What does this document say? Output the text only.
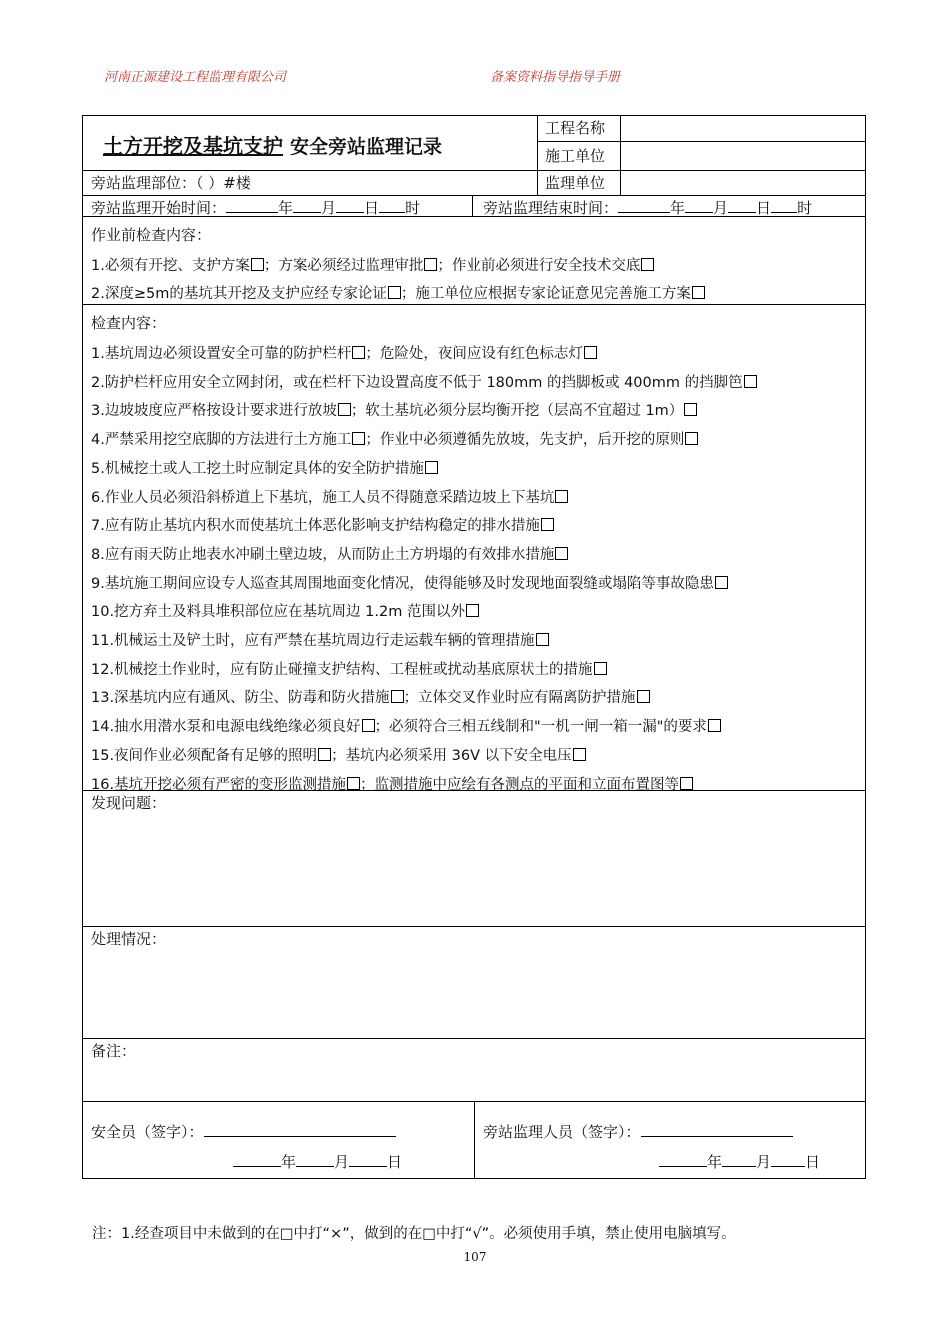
河南正源建设工程监理有限公司	备案资料指导指导手册
土方开挖及基坑支护 安全旁站监理记录
工程名称
施工单位
监理单位
旁站监理部位：（ ）#楼
旁站监理开始时间：	年 月 日 时	旁站监理结束时间：	年 月 日 时
作业前检查内容：
1.必须有开挖、支护方案 ；方案必须经过监理审批 ；作业前必须进行安全技术交底
2.深度≥5m的基坑其开挖及支护应经专家论证 ；施工单位应根据专家论证意见完善施工方案
检查内容：
1.基坑周边必须设置安全可靠的防护栏杆 ；危险处，夜间应设有红色标志灯
2.防护栏杆应用安全立网封闭，或在栏杆下边设置高度不低于 180mm 的挡脚板或 400mm 的挡脚笆
3.边坡坡度应严格按设计要求进行放坡 ；软土基坑必须分层均衡开挖（层高不宜超过 1m）
4.严禁采用挖空底脚的方法进行土方施工 ；作业中必须遵循先放坡，先支护，后开挖的原则
5.机械挖土或人工挖土时应制定具体的安全防护措施
6.作业人员必须沿斜桥道上下基坑，施工人员不得随意采踏边坡上下基坑
7.应有防止基坑内积水而使基坑土体恶化影响支护结构稳定的排水措施
8.应有雨天防止地表水冲刷土壁边坡，从而防止土方坍塌的有效排水措施
9.基坑施工期间应设专人巡查其周围地面变化情况，使得能够及时发现地面裂缝或塌陷等事故隐患
10.挖方弃土及料具堆积部位应在基坑周边 1.2m 范围以外
11.机械运土及铲土时，应有严禁在基坑周边行走运载车辆的管理措施
12.机械挖土作业时，应有防止碰撞支护结构、工程桩或扰动基底原状土的措施
13.深基坑内应有通风、防尘、防毒和防火措施 ；立体交叉作业时应有隔离防护措施
14.抽水用潜水泵和电源电线绝缘必须良好 ；必须符合三相五线制和"一机一闸一箱一漏"的要求
15.夜间作业必须配备有足够的照明 ；基坑内必须采用 36V 以下安全电压
16.基坑开挖必须有严密的变形监测措施 ；监测措施中应绘有各测点的平面和立面布置图等
发现问题：
处理情况：
备注：
安全员（签字）：
年	月	日
旁站监理人员（签字）：
年 月 日
注：1.经查项目中未做到的在□中打“×”，做到的在□中打“√”。必须使用手填，禁止使用电脑填写。
107
